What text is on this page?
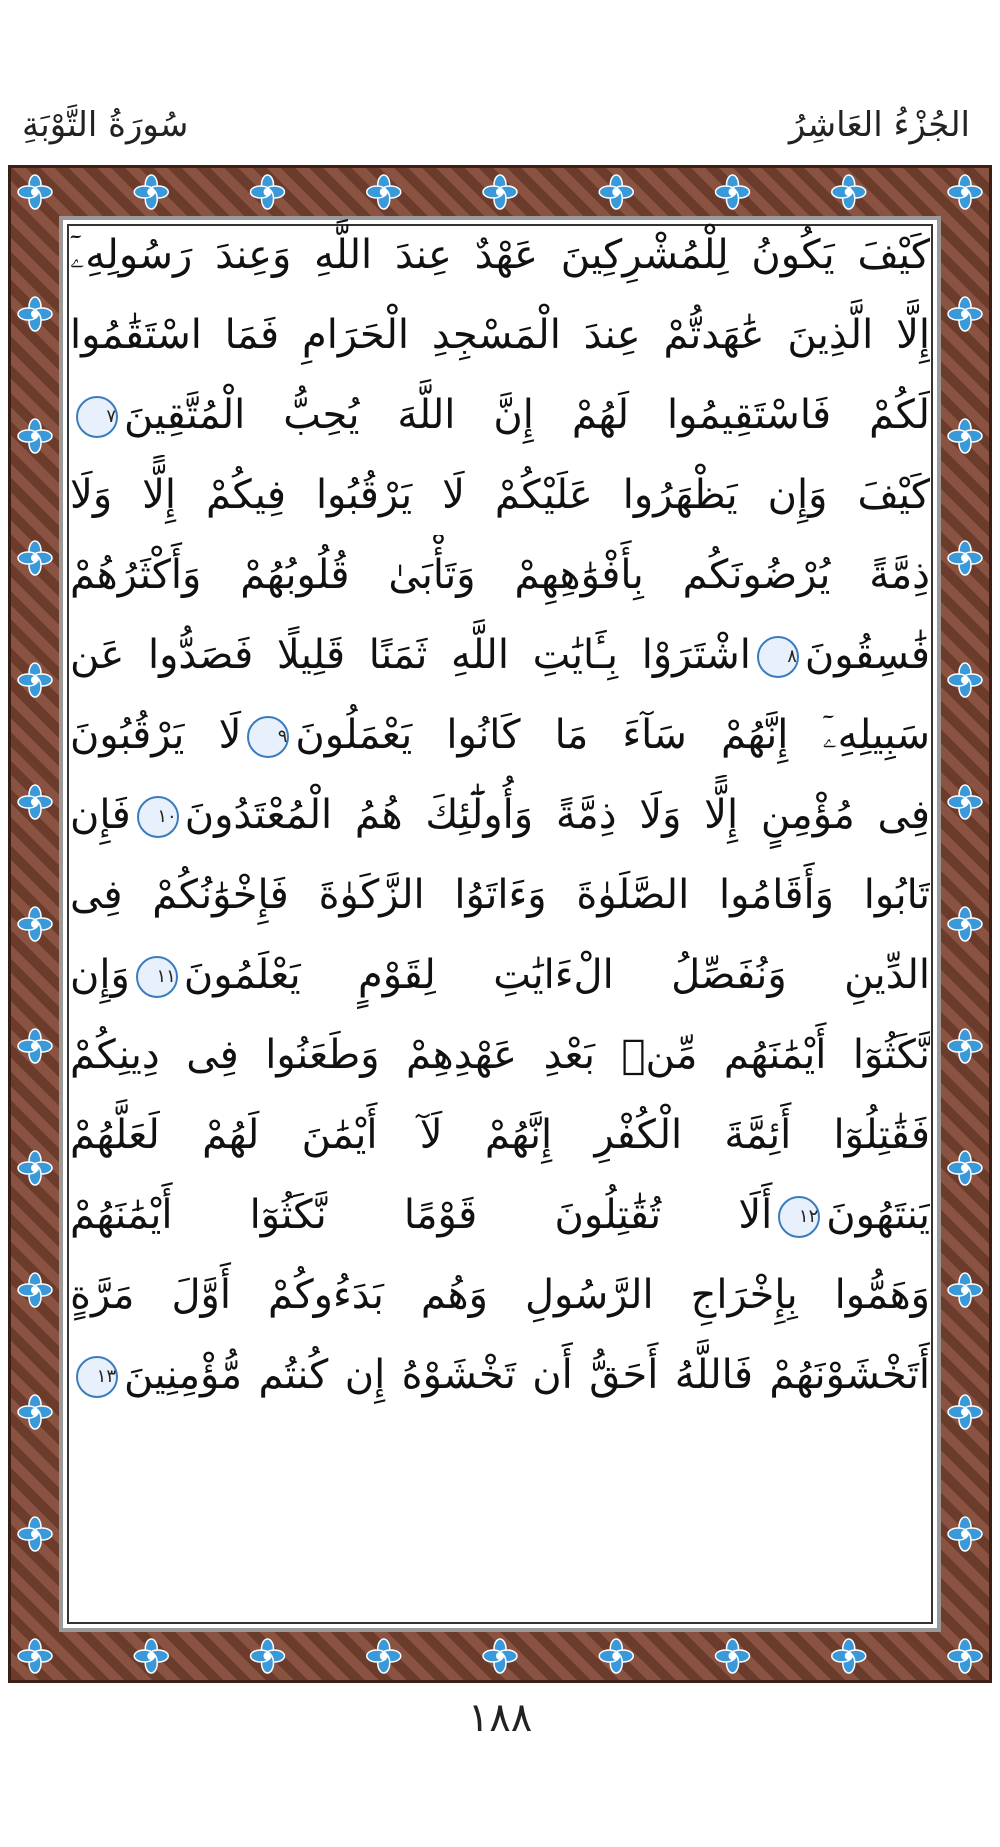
الجُزْءُ العَاشِرُ
سُورَةُ التَّوْبَةِ
كَيْفَ يَكُونُ لِلْمُشْرِكِينَ عَهْدٌ عِندَ اللَّهِ وَعِندَ رَسُولِهِۦٓ
إِلَّا الَّذِينَ عَٰهَدتُّمْ عِندَ الْمَسْجِدِ الْحَرَامِ فَمَا اسْتَقَٰمُوا
لَكُمْ فَاسْتَقِيمُوا لَهُمْ إِنَّ اللَّهَ يُحِبُّ الْمُتَّقِينَ٧
كَيْفَ وَإِن يَظْهَرُوا عَلَيْكُمْ لَا يَرْقُبُوا فِيكُمْ إِلًّا وَلَا
ذِمَّةً يُرْضُونَكُم بِأَفْوَٰهِهِمْ وَتَأْبَىٰ قُلُوبُهُمْ وَأَكْثَرُهُمْ
فَٰسِقُونَ٨اشْتَرَوْا بِـَٔايَٰتِ اللَّهِ ثَمَنًا قَلِيلًا فَصَدُّوا عَن
سَبِيلِهِۦٓ إِنَّهُمْ سَآءَ مَا كَانُوا يَعْمَلُونَ٩لَا يَرْقُبُونَ
فِى مُؤْمِنٍ إِلًّا وَلَا ذِمَّةً وَأُولَٰٓئِكَ هُمُ الْمُعْتَدُونَ١٠فَإِن
تَابُوا وَأَقَامُوا الصَّلَوٰةَ وَءَاتَوُا الزَّكَوٰةَ فَإِخْوَٰنُكُمْ فِى
الدِّينِ وَنُفَصِّلُ الْءَايَٰتِ لِقَوْمٍ يَعْلَمُونَ١١وَإِن
نَّكَثُوٓا أَيْمَٰنَهُم مِّنۢ بَعْدِ عَهْدِهِمْ وَطَعَنُوا فِى دِينِكُمْ
فَقَٰتِلُوٓا أَئِمَّةَ الْكُفْرِ إِنَّهُمْ لَآ أَيْمَٰنَ لَهُمْ لَعَلَّهُمْ
يَنتَهُونَ١٢أَلَا تُقَٰتِلُونَ قَوْمًا نَّكَثُوٓا أَيْمَٰنَهُمْ
وَهَمُّوا بِإِخْرَاجِ الرَّسُولِ وَهُم بَدَءُوكُمْ أَوَّلَ مَرَّةٍ
أَتَخْشَوْنَهُمْ فَاللَّهُ أَحَقُّ أَن تَخْشَوْهُ إِن كُنتُم مُّؤْمِنِينَ١٣
١٨٨
